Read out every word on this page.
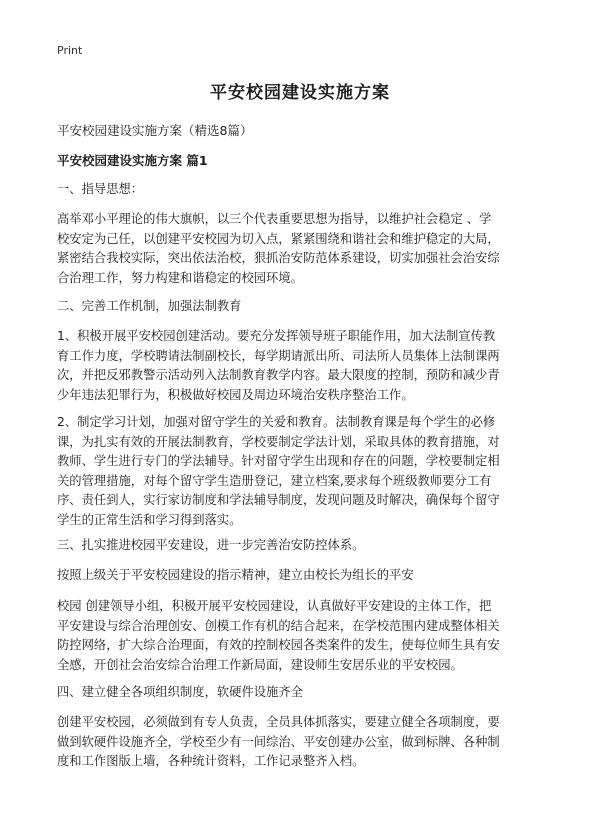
Print
平安校园建设实施方案
平安校园建设实施方案（精选8篇）
平安校园建设实施方案 篇1
一、指导思想：
高举邓小平理论的伟大旗帜，以三个代表重要思想为指导，以维护社会稳定 、学
校安定为己任，以创建平安校园为切入点，紧紧围绕和谐社会和维护稳定的大局，
紧密结合我校实际，突出依法治校，狠抓治安防范体系建设，切实加强社会治安综
合治理工作，努力构建和谐稳定的校园环境。
二、完善工作机制，加强法制教育
1、积极开展平安校园创建活动。要充分发挥领导班子职能作用，加大法制宣传教
育工作力度，学校聘请法制副校长，每学期请派出所、司法所人员集体上法制课两
次，并把反邪教警示活动列入法制教育教学内容。最大限度的控制，预防和减少青
少年违法犯罪行为，积极做好校园及周边环境治安秩序整治工作。
2、制定学习计划，加强对留守学生的关爱和教育。法制教育课是每个学生的必修
课，为扎实有效的开展法制教育，学校要制定学法计划，采取具体的教育措施，对
教师、学生进行专门的学法辅导。针对留守学生出现和存在的问题，学校要制定相
关的管理措施，对每个留守学生造册登记，建立档案,要求每个班级教师要分工有
序、责任到人，实行家访制度和学法辅导制度，发现问题及时解决，确保每个留守
学生的正常生活和学习得到落实。
三、扎实推进校园平安建设，进一步完善治安防控体系。
按照上级关于平安校园建设的指示精神，建立由校长为组长的平安
校园 创建领导小组，积极开展平安校园建设，认真做好平安建设的主体工作，把
平安建设与综合治理创安、创模工作有机的结合起来，在学校范围内建成整体相关
防控网络，扩大综合治理面，有效的控制校园各类案件的发生，使每位师生具有安
全感，开创社会治安综合治理工作新局面，建设师生安居乐业的平安校园。
四、建立健全各项组织制度，软硬件设施齐全
创建平安校园，必须做到有专人负责，全员具体抓落实，要建立健全各项制度，要
做到软硬件设施齐全，学校至少有一间综治、平安创建办公室，做到标牌、各种制
度和工作图版上墙，各种统计资料，工作记录整齐入档。
